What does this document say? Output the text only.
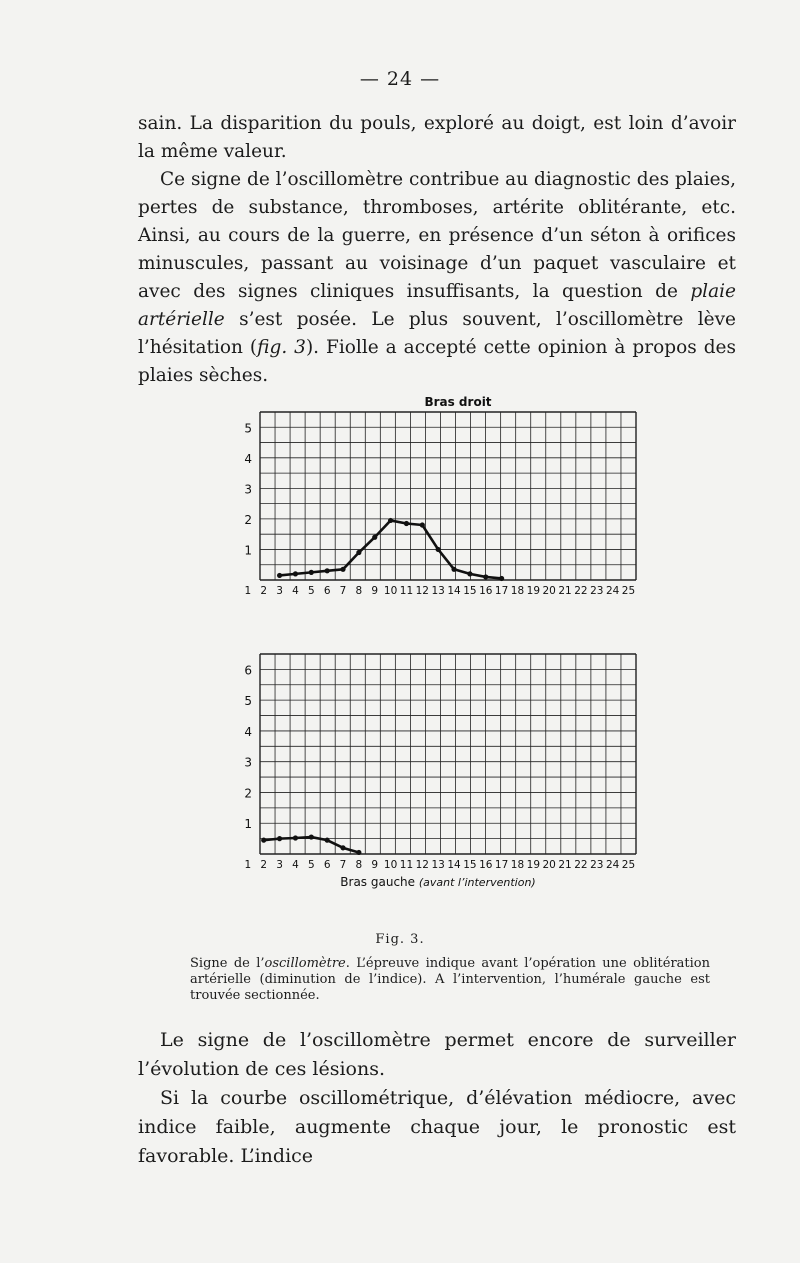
— 24 —

sain. La disparition du pouls, exploré au doigt, est loin d’avoir la même valeur.

Ce signe de l’oscillomètre contribue au diagnostic des plaies, pertes de substance, thromboses, artérite oblitérante, etc. Ainsi, au cours de la guerre, en présence d’un séton à orifices minuscules, passant au voisinage d’un paquet vasculaire et avec des signes cliniques insuffisants, la question de plaie artérielle s’est posée. Le plus souvent, l’oscillomètre lève l’hésitation (fig. 3). Fiolle a accepté cette opinion à propos des plaies sèches.

1
2
3
4
5
1 2 3 4 5 6 7 8 9 10 11 12 13 14 15 16 17 18 19 20 21 22 23 24 25
Bras droit
1
2
3
4
5
6
1 2 3 4 5 6 7 8 9 10 11 12 13 14 15 16 17 18 19 20 21 22 23 24 25
Bras gauche (avant l’intervention)
Fig. 3.
Signe de l’oscillomètre. L’épreuve indique avant l’opération une oblitération artérielle (diminution de l’indice). A l’intervention, l’humérale gauche est trouvée sectionnée.

Le signe de l’oscillomètre permet encore de surveiller l’évolution de ces lésions.

Si la courbe oscillométrique, d’élévation médiocre, avec indice faible, augmente chaque jour, le pronostic est favorable. L’indice
